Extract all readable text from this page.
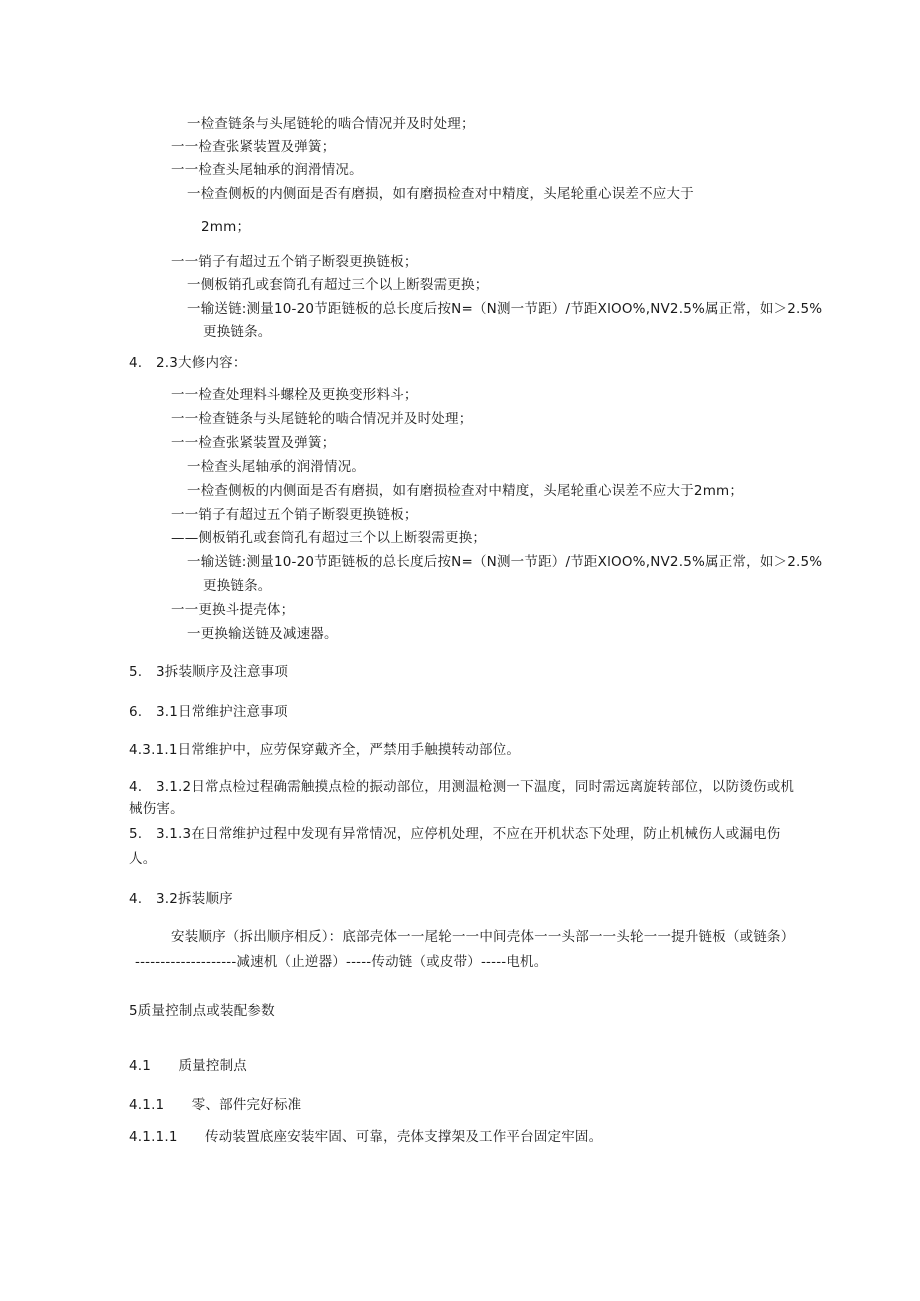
一检查链条与头尾链轮的啮合情况并及时处理；
一一检查张紧装置及弹簧；
一一检查头尾轴承的润滑情况。
一检查侧板的内侧面是否有磨损，如有磨损检查对中精度，头尾轮重心误差不应大于
2mm；
一一销子有超过五个销子断裂更换链板；
一侧板销孔或套筒孔有超过三个以上断裂需更换；
一输送链:测量10-20节距链板的总长度后按N=（N测一节距）/节距XlOO%,NV2.5%属正常，如＞2.5%
更换链条。
4.　2.3大修内容：
一一检查处理料斗螺栓及更换变形料斗；
一一检查链条与头尾链轮的啮合情况并及时处理；
一一检查张紧装置及弹簧；
一检查头尾轴承的润滑情况。
一检查侧板的内侧面是否有磨损，如有磨损检查对中精度，头尾轮重心误差不应大于2mm；
一一销子有超过五个销子断裂更换链板；
——侧板销孔或套筒孔有超过三个以上断裂需更换；
一输送链:测量10-20节距链板的总长度后按N=（N测一节距）/节距XlOO%,NV2.5%属正常，如＞2.5%
更换链条。
一一更换斗提壳体；
一更换输送链及减速器。
5.　3拆装顺序及注意事项
6.　3.1日常维护注意事项
4.3.1.1日常维护中，应劳保穿戴齐全，严禁用手触摸转动部位。
4.　3.1.2日常点检过程确需触摸点检的振动部位，用测温枪测一下温度，同时需远离旋转部位，以防烫伤或机
械伤害。
5.　3.1.3在日常维护过程中发现有异常情况，应停机处理，不应在开机状态下处理，防止机械伤人或漏电伤
人。
4.　3.2拆装顺序
安装顺序（拆出顺序相反）：底部壳体一一尾轮一一中间壳体一一头部一一头轮一一提升链板（或链条）
--------------------减速机（止逆器）-----传动链（或皮带）-----电机。
5质量控制点或装配参数
4.1　　质量控制点
4.1.1　　零、部件完好标准
4.1.1.1　　传动装置底座安装牢固、可靠，壳体支撑架及工作平台固定牢固。
